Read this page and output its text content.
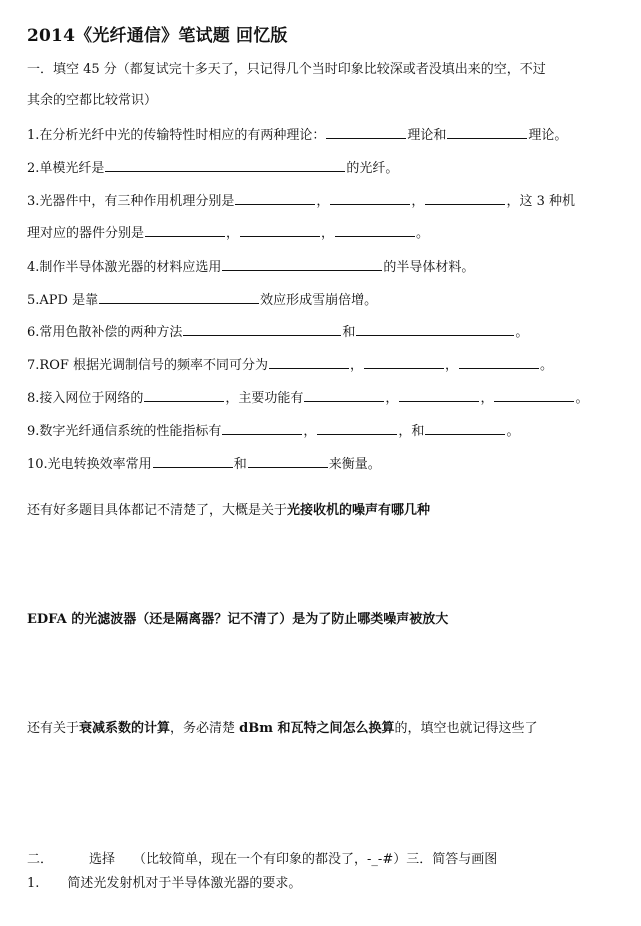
2014《光纤通信》笔试题 回忆版
一．填空 45 分（都复试完十多天了，只记得几个当时印象比较深或者没填出来的空，不过
其余的空都比较常识）
1.在分析光纤中光的传输特性时相应的有两种理论：	理论和	理论。
2.单模光纤是	的光纤。
3.光器件中，有三种作用机理分别是	，	，	，这 3 种机
理对应的器件分别是	，	，	。
4.制作半导体激光器的材料应选用	的半导体材料。
5.APD 是靠	效应形成雪崩倍增。
6.常用色散补偿的两种方法	和	。
7.ROF 根据光调制信号的频率不同可分为	，	，	。
8.接入网位于网络的	，主要功能有	，	，	。
9.数字光纤通信系统的性能指标有	，	，和	。
10.光电转换效率常用	和	来衡量。
还有好多题目具体都记不清楚了，大概是关于光接收机的噪声有哪几种
EDFA 的光滤波器（还是隔离器？记不清了）是为了防止哪类噪声被放大
还有关于衰减系数的计算，务必清楚 dBm 和瓦特之间怎么换算的，填空也就记得这些了
二．	选择 （比较简单，现在一个有印象的都没了，-_-#）三．简答与画图
1. 简述光发射机对于半导体激光器的要求。
